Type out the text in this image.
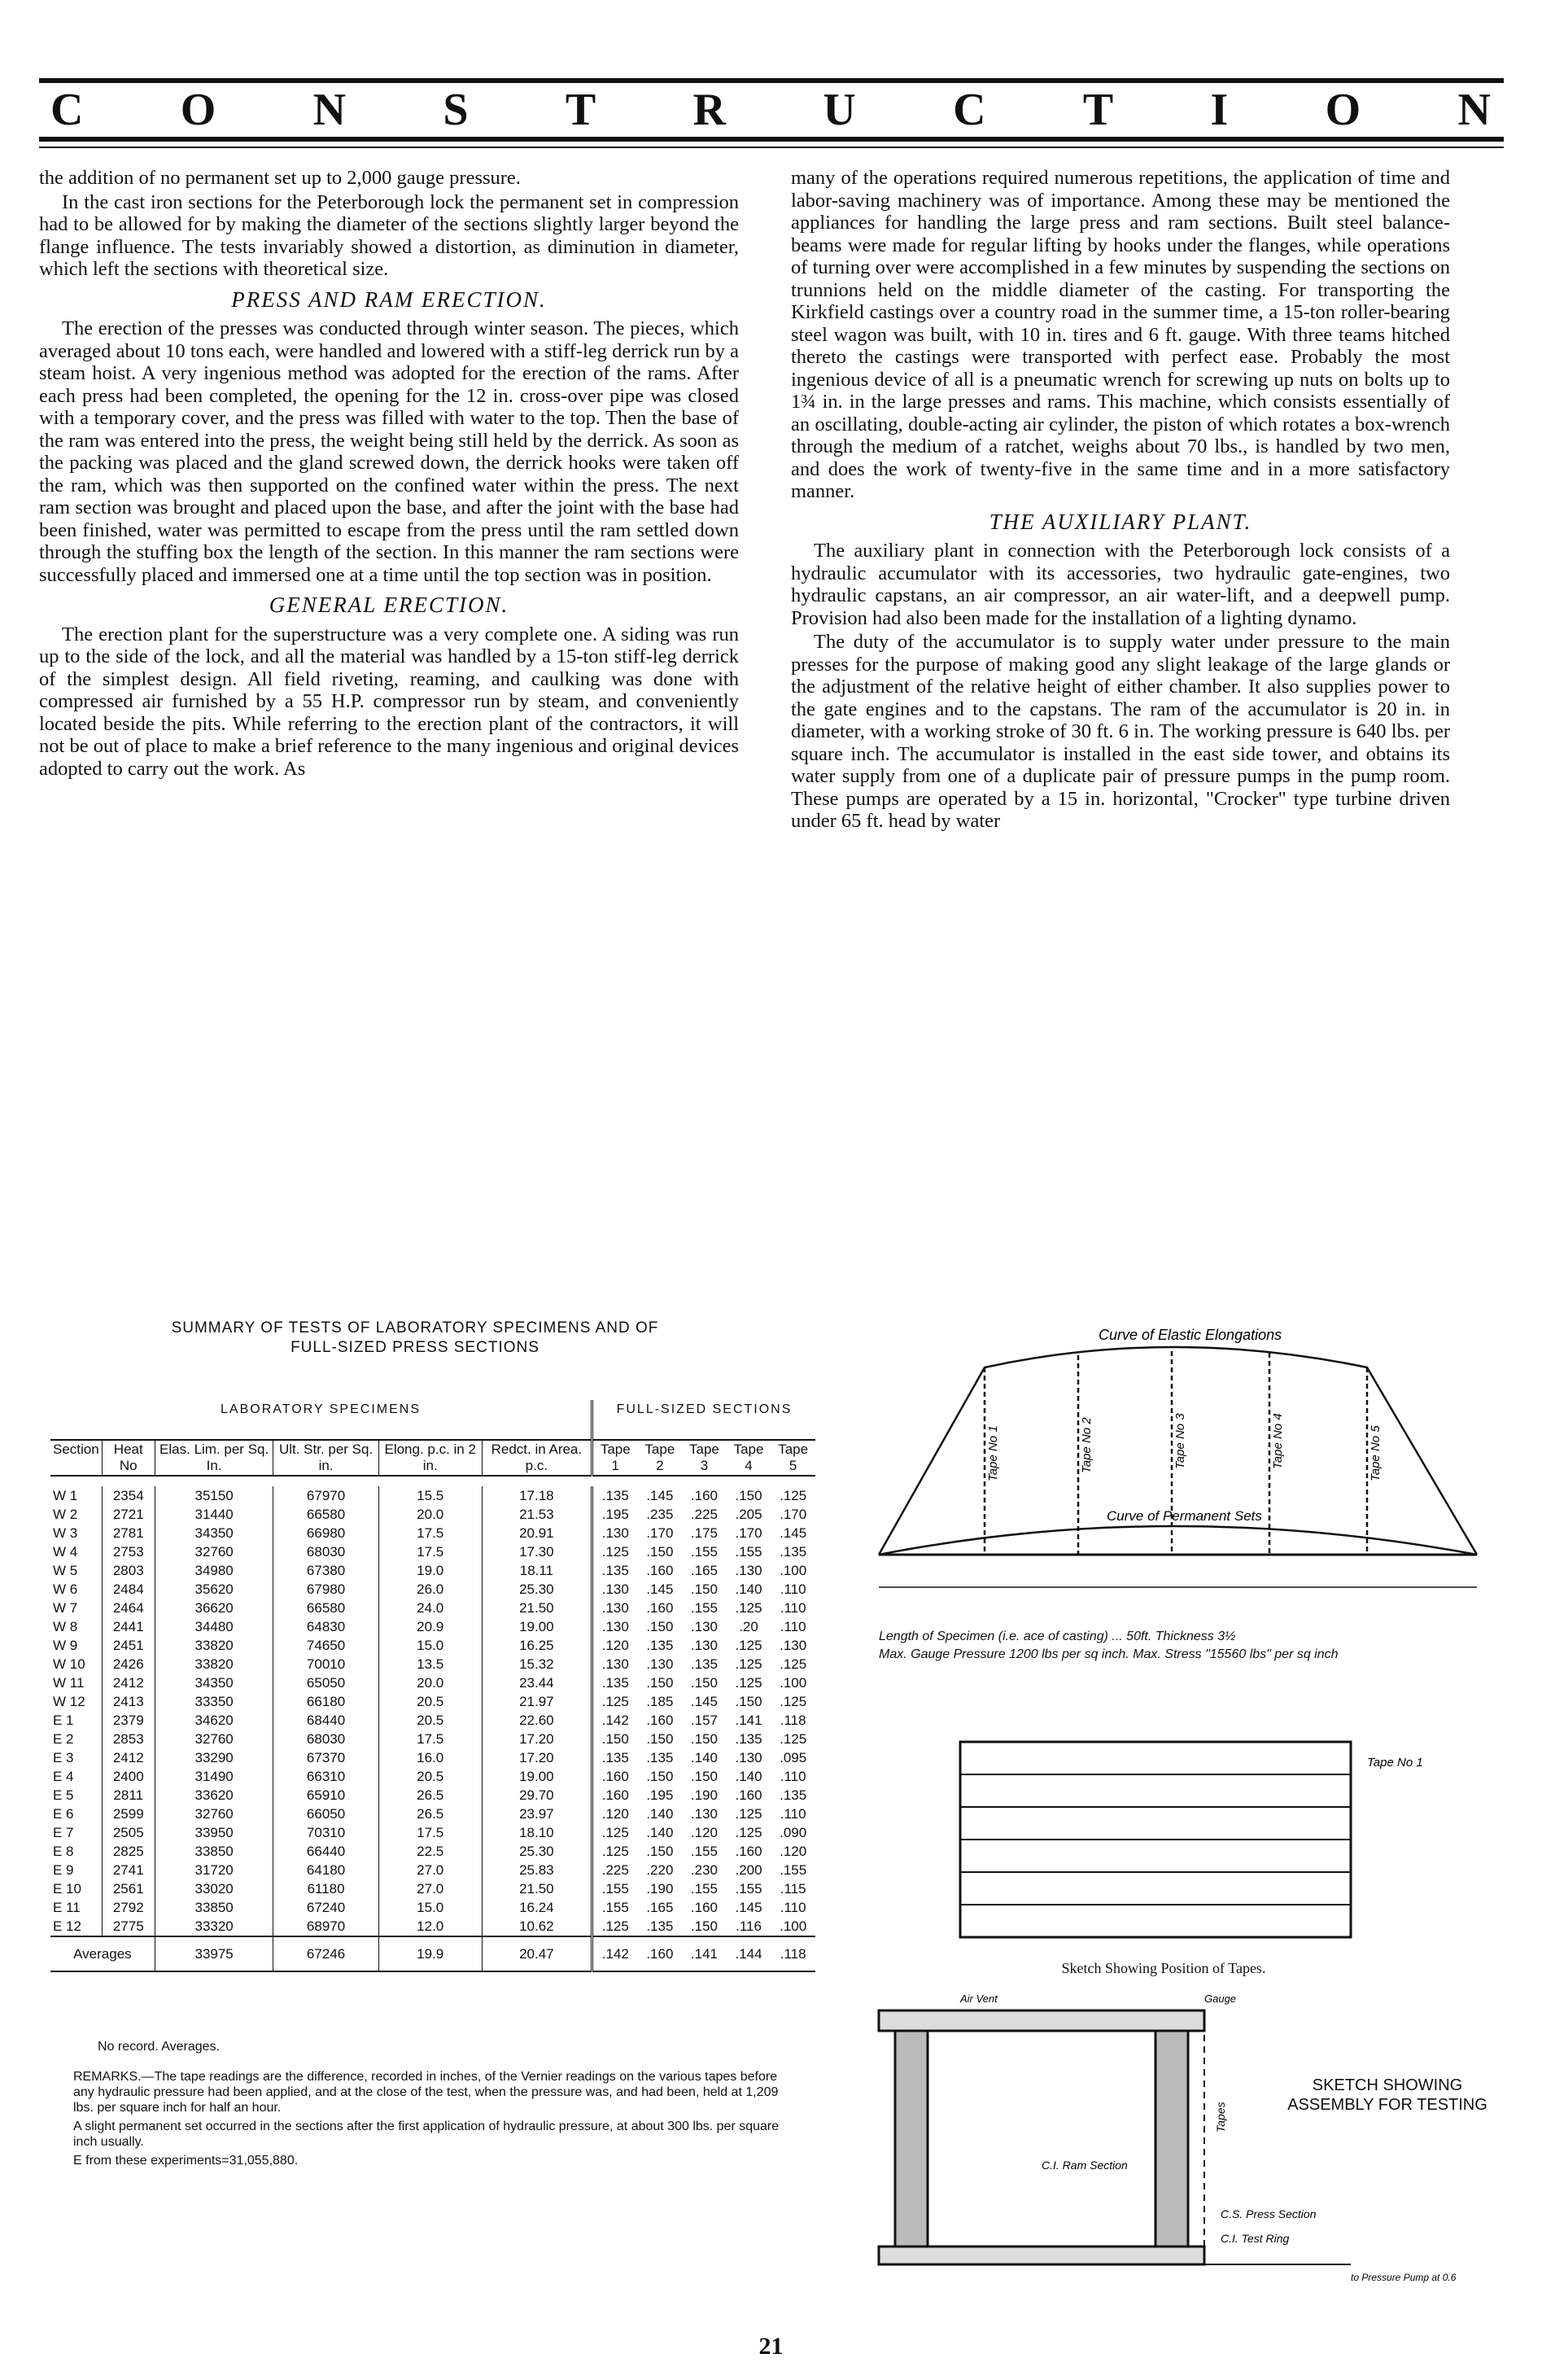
C O N S T R U C T I O N

the addition of no permanent set up to 2,000 gauge pressure.

In the cast iron sections for the Peterborough lock the permanent set in compression had to be allowed for by making the diameter of the sections slightly larger beyond the flange influence. The tests invariably showed a distortion, as diminution in diameter, which left the sections with theoretical size.

PRESS AND RAM ERECTION.

The erection of the presses was conducted through winter season. The pieces, which averaged about 10 tons each, were handled and lowered with a stiff-leg derrick run by a steam hoist. A very ingenious method was adopted for the erection of the rams. After each press had been completed, the opening for the 12 in. cross-over pipe was closed with a temporary cover, and the press was filled with water to the top. Then the base of the ram was entered into the press, the weight being still held by the derrick. As soon as the packing was placed and the gland screwed down, the derrick hooks were taken off the ram, which was then supported on the confined water within the press. The next ram section was brought and placed upon the base, and after the joint with the base had been finished, water was permitted to escape from the press until the ram settled down through the stuffing box the length of the section. In this manner the ram sections were successfully placed and immersed one at a time until the top section was in position.

GENERAL ERECTION.

The erection plant for the superstructure was a very complete one. A siding was run up to the side of the lock, and all the material was handled by a 15-ton stiff-leg derrick of the simplest design. All field riveting, reaming, and caulking was done with compressed air furnished by a 55 H.P. compressor run by steam, and conveniently located beside the pits. While referring to the erection plant of the contractors, it will not be out of place to make a brief reference to the many ingenious and original devices adopted to carry out the work. As

many of the operations required numerous repetitions, the application of time and labor-saving machinery was of importance. Among these may be mentioned the appliances for handling the large press and ram sections. Built steel balance-beams were made for regular lifting by hooks under the flanges, while operations of turning over were accomplished in a few minutes by suspending the sections on trunnions held on the middle diameter of the casting. For transporting the Kirkfield castings over a country road in the summer time, a 15-ton roller-bearing steel wagon was built, with 10 in. tires and 6 ft. gauge. With three teams hitched thereto the castings were transported with perfect ease. Probably the most ingenious device of all is a pneumatic wrench for screwing up nuts on bolts up to 1¾ in. in the large presses and rams. This machine, which consists essentially of an oscillating, double-acting air cylinder, the piston of which rotates a box-wrench through the medium of a ratchet, weighs about 70 lbs., is handled by two men, and does the work of twenty-five in the same time and in a more satisfactory manner.

THE AUXILIARY PLANT.

The auxiliary plant in connection with the Peterborough lock consists of a hydraulic accumulator with its accessories, two hydraulic gate-engines, two hydraulic capstans, an air compressor, an air water-lift, and a deepwell pump. Provision had also been made for the installation of a lighting dynamo.

The duty of the accumulator is to supply water under pressure to the main presses for the purpose of making good any slight leakage of the large glands or the adjustment of the relative height of either chamber. It also supplies power to the gate engines and to the capstans. The ram of the accumulator is 20 in. in diameter, with a working stroke of 30 ft. 6 in. The working pressure is 640 lbs. per square inch. The accumulator is installed in the east side tower, and obtains its water supply from one of a duplicate pair of pressure pumps in the pump room. These pumps are operated by a 15 in. horizontal, "Crocker" type turbine driven under 65 ft. head by water

SUMMARY OF TESTS OF LABORATORY SPECIMENS AND OF
FULL-SIZED PRESS SECTIONS
LABORATORY SPECIMENS						FULL-SIZED SECTIONS				
Section	Heat No	Elas. Lim. per Sq. In.	Ult. Str. per Sq. in.	Elong. p.c. in 2 in.	Redct. in Area. p.c.	Tape 1	Tape 2	Tape 3	Tape 4	Tape 5

W 1	2354	35150	67970	15.5	17.18	.135	.145	.160	.150	.125
W 2	2721	31440	66580	20.0	21.53	.195	.235	.225	.205	.170
W 3	2781	34350	66980	17.5	20.91	.130	.170	.175	.170	.145
W 4	2753	32760	68030	17.5	17.30	.125	.150	.155	.155	.135
W 5	2803	34980	67380	19.0	18.11	.135	.160	.165	.130	.100
W 6	2484	35620	67980	26.0	25.30	.130	.145	.150	.140	.110
W 7	2464	36620	66580	24.0	21.50	.130	.160	.155	.125	.110
W 8	2441	34480	64830	20.9	19.00	.130	.150	.130	.20	.110
W 9	2451	33820	74650	15.0	16.25	.120	.135	.130	.125	.130
W 10	2426	33820	70010	13.5	15.32	.130	.130	.135	.125	.125
W 11	2412	34350	65050	20.0	23.44	.135	.150	.150	.125	.100
W 12	2413	33350	66180	20.5	21.97	.125	.185	.145	.150	.125
E 1	2379	34620	68440	20.5	22.60	.142	.160	.157	.141	.118
E 2	2853	32760	68030	17.5	17.20	.150	.150	.150	.135	.125
E 3	2412	33290	67370	16.0	17.20	.135	.135	.140	.130	.095
E 4	2400	31490	66310	20.5	19.00	.160	.150	.150	.140	.110
E 5	2811	33620	65910	26.5	29.70	.160	.195	.190	.160	.135
E 6	2599	32760	66050	26.5	23.97	.120	.140	.130	.125	.110
E 7	2505	33950	70310	17.5	18.10	.125	.140	.120	.125	.090
E 8	2825	33850	66440	22.5	25.30	.125	.150	.155	.160	.120
E 9	2741	31720	64180	27.0	25.83	.225	.220	.230	.200	.155
E 10	2561	33020	61180	27.0	21.50	.155	.190	.155	.155	.115
E 11	2792	33850	67240	15.0	16.24	.155	.165	.160	.145	.110
E 12	2775	33320	68970	12.0	10.62	.125	.135	.150	.116	.100
Averages		33975	67246	19.9	20.47	.142	.160	.141	.144	.118

No record. Averages.

REMARKS.—The tape readings are the difference, recorded in inches, of the Vernier readings on the various tapes before any hydraulic pressure had been applied, and at the close of the test, when the pressure was, and had been, held at 1,209 lbs. per square inch for half an hour.

A slight permanent set occurred in the sections after the first application of hydraulic pressure, at about 300 lbs. per square inch usually.

E from these experiments=31,055,880.

Curve of Elastic Elongations
Curve of Permanent Sets
Tape No 1	Tape No 2	Tape No 3	Tape No 4	Tape No 5
Length of Specimen (i.e. ace of casting) ... 50ft. Thickness 3½
Max. Gauge Pressure 1200 lbs per sq inch. Max. Stress "15560 lbs" per sq inch
Tape No 1
Sketch Showing Position of Tapes.
Air Vent	Gauge
C.I. Ram Section
C.S. Press Section
C.I. Test Ring
to Pressure Pump at 0.6
Tapes
SKETCH SHOWING ASSEMBLY FOR TESTING
21
